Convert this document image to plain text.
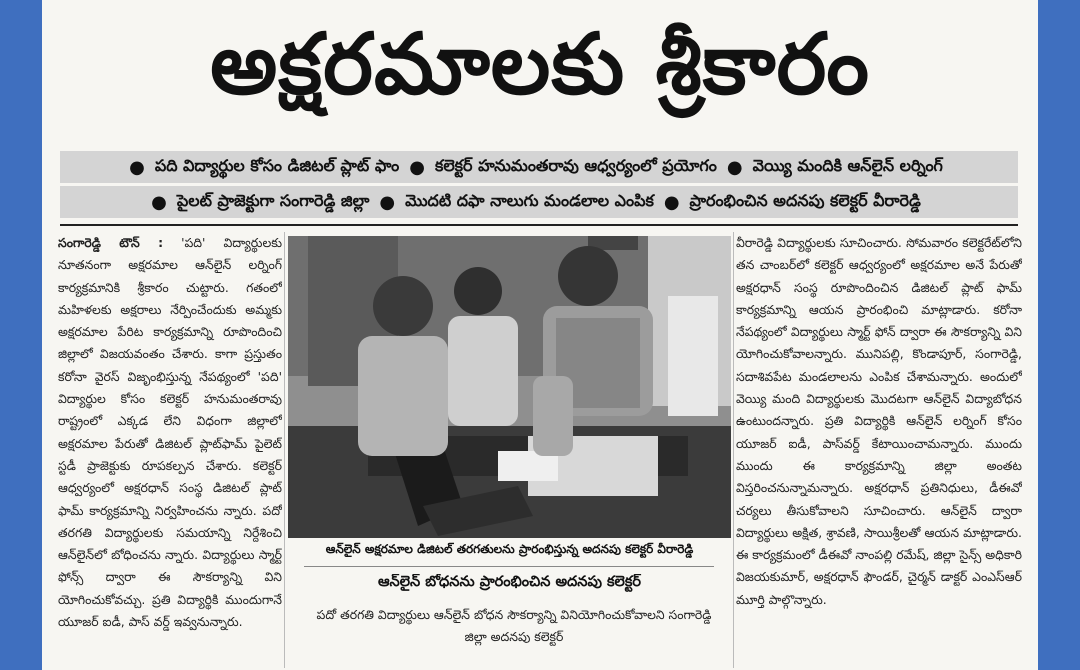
అక్షరమాలకు శ్రీకారం
● పది విద్యార్థుల కోసం డిజిటల్ ప్లాట్ ఫాం ● కలెక్టర్ హనుమంతరావు ఆధ్వర్యంలో ప్రయోగం ● వెయ్యి మందికి ఆన్‌లైన్ లర్నింగ్
● పైలట్ ప్రాజెక్టుగా సంగారెడ్డి జిల్లా ● మొదటి దఫా నాలుగు మండలాల ఎంపిక ● ప్రారంభించిన అదనపు కలెక్టర్ వీరారెడ్డి
సంగారెడ్డి టౌన్ : 'పది' విద్యార్థులకు నూతనంగా అక్షరమాల ఆన్‌లైన్ లర్నింగ్ కార్యక్రమానికి శ్రీకారం చుట్టారు. గతంలో మహిళలకు అక్షరాలు నేర్పించేందుకు అమ్మకు అక్షరమాల పేరిట కార్యక్రమాన్ని రూపొందించి జిల్లాలో విజయవంతం చేశారు. కాగా ప్రస్తుతం కరోనా వైరస్ విజృంభిస్తున్న నేపథ్యంలో 'పది' విద్యార్థుల కోసం కలెక్టర్ హనుమంతరావు రాష్ట్రంలో ఎక్కడ లేని విధంగా జిల్లాలో అక్షరమాల పేరుతో డిజిటల్ ప్లాట్‌ఫామ్ పైలెట్ స్టడీ ప్రాజెక్టుకు రూపకల్పన చేశారు. కలెక్టర్ ఆధ్వర్యంలో అక్షరధాన్ సంస్థ డిజిటల్ ప్లాట్ ఫామ్ కార్యక్రమాన్ని నిర్వహించను న్నారు. పదో తరగతి విద్యార్థులకు సమయాన్ని నిర్దేశించి ఆన్‌లైన్‌లో బోధించను న్నారు. విద్యార్థులు స్మార్ట్ ఫోన్స్ ద్వారా ఈ సౌకర్యాన్ని విని యోగించుకోవచ్చు. ప్రతి విద్యార్థికి ముందుగానే యూజర్ ఐడీ, పాస్ వర్డ్ ఇవ్వనున్నారు.
ఆన్‌లైన్ అక్షరమాల డిజిటల్ తరగతులను ప్రారంభిస్తున్న అదనపు కలెక్టర్ వీరారెడ్డి
ఆన్‌లైన్ బోధనను ప్రారంభించిన అదనపు కలెక్టర్
పదో తరగతి విద్యార్థులు ఆన్‌లైన్ బోధన సౌకర్యాన్ని వినియోగించుకోవాలని సంగారెడ్డి జిల్లా అదనపు కలెక్టర్
వీరారెడ్డి విద్యార్థులకు సూచించారు. సోమవారం కలెక్టరేట్‌లోని తన చాంబర్‌లో కలెక్టర్ ఆధ్వర్యంలో అక్షరమాల అనే పేరుతో అక్షరధాన్ సంస్థ రూపొందించిన డిజిటల్ ప్లాట్ ఫామ్ కార్యక్రమాన్ని ఆయన ప్రారంభించి మాట్లాడారు. కరోనా నేపథ్యంలో విద్యార్థులు స్మార్ట్ ఫోన్ ద్వారా ఈ సౌకర్యాన్ని విని యోగించుకోవాలన్నారు. మునిపల్లి, కొండాపూర్, సంగారెడ్డి, సదాశివపేట మండలాలను ఎంపిక చేశామన్నారు. అందులో వెయ్యి మంది విద్యార్థులకు మొదటగా ఆన్‌లైన్ విద్యాబోధన ఉంటుందన్నారు. ప్రతి విద్యార్థికి ఆన్‌లైన్ లర్నింగ్ కోసం యూజర్ ఐడీ, పాస్‌వర్డ్ కేటాయించామన్నారు. ముందు ముందు ఈ కార్యక్రమాన్ని జిల్లా అంతట విస్తరించనున్నామన్నారు. అక్షరధాన్ ప్రతినిధులు, డీఈవో చర్యలు తీసుకోవాలని సూచించారు. ఆన్‌లైన్ ద్వారా విద్యార్థులు అక్షిత, శ్రావణి, సాయిశ్రీలతో ఆయన మాట్లాడారు. ఈ కార్యక్రమంలో డీఈవో నాంపల్లి రమేష్, జిల్లా సైన్స్ అధికారి విజయకుమార్, అక్షరధాన్ ఫౌండర్, చైర్మన్ డాక్టర్ ఎంఎస్ఆర్ మూర్తి పాల్గొన్నారు.
